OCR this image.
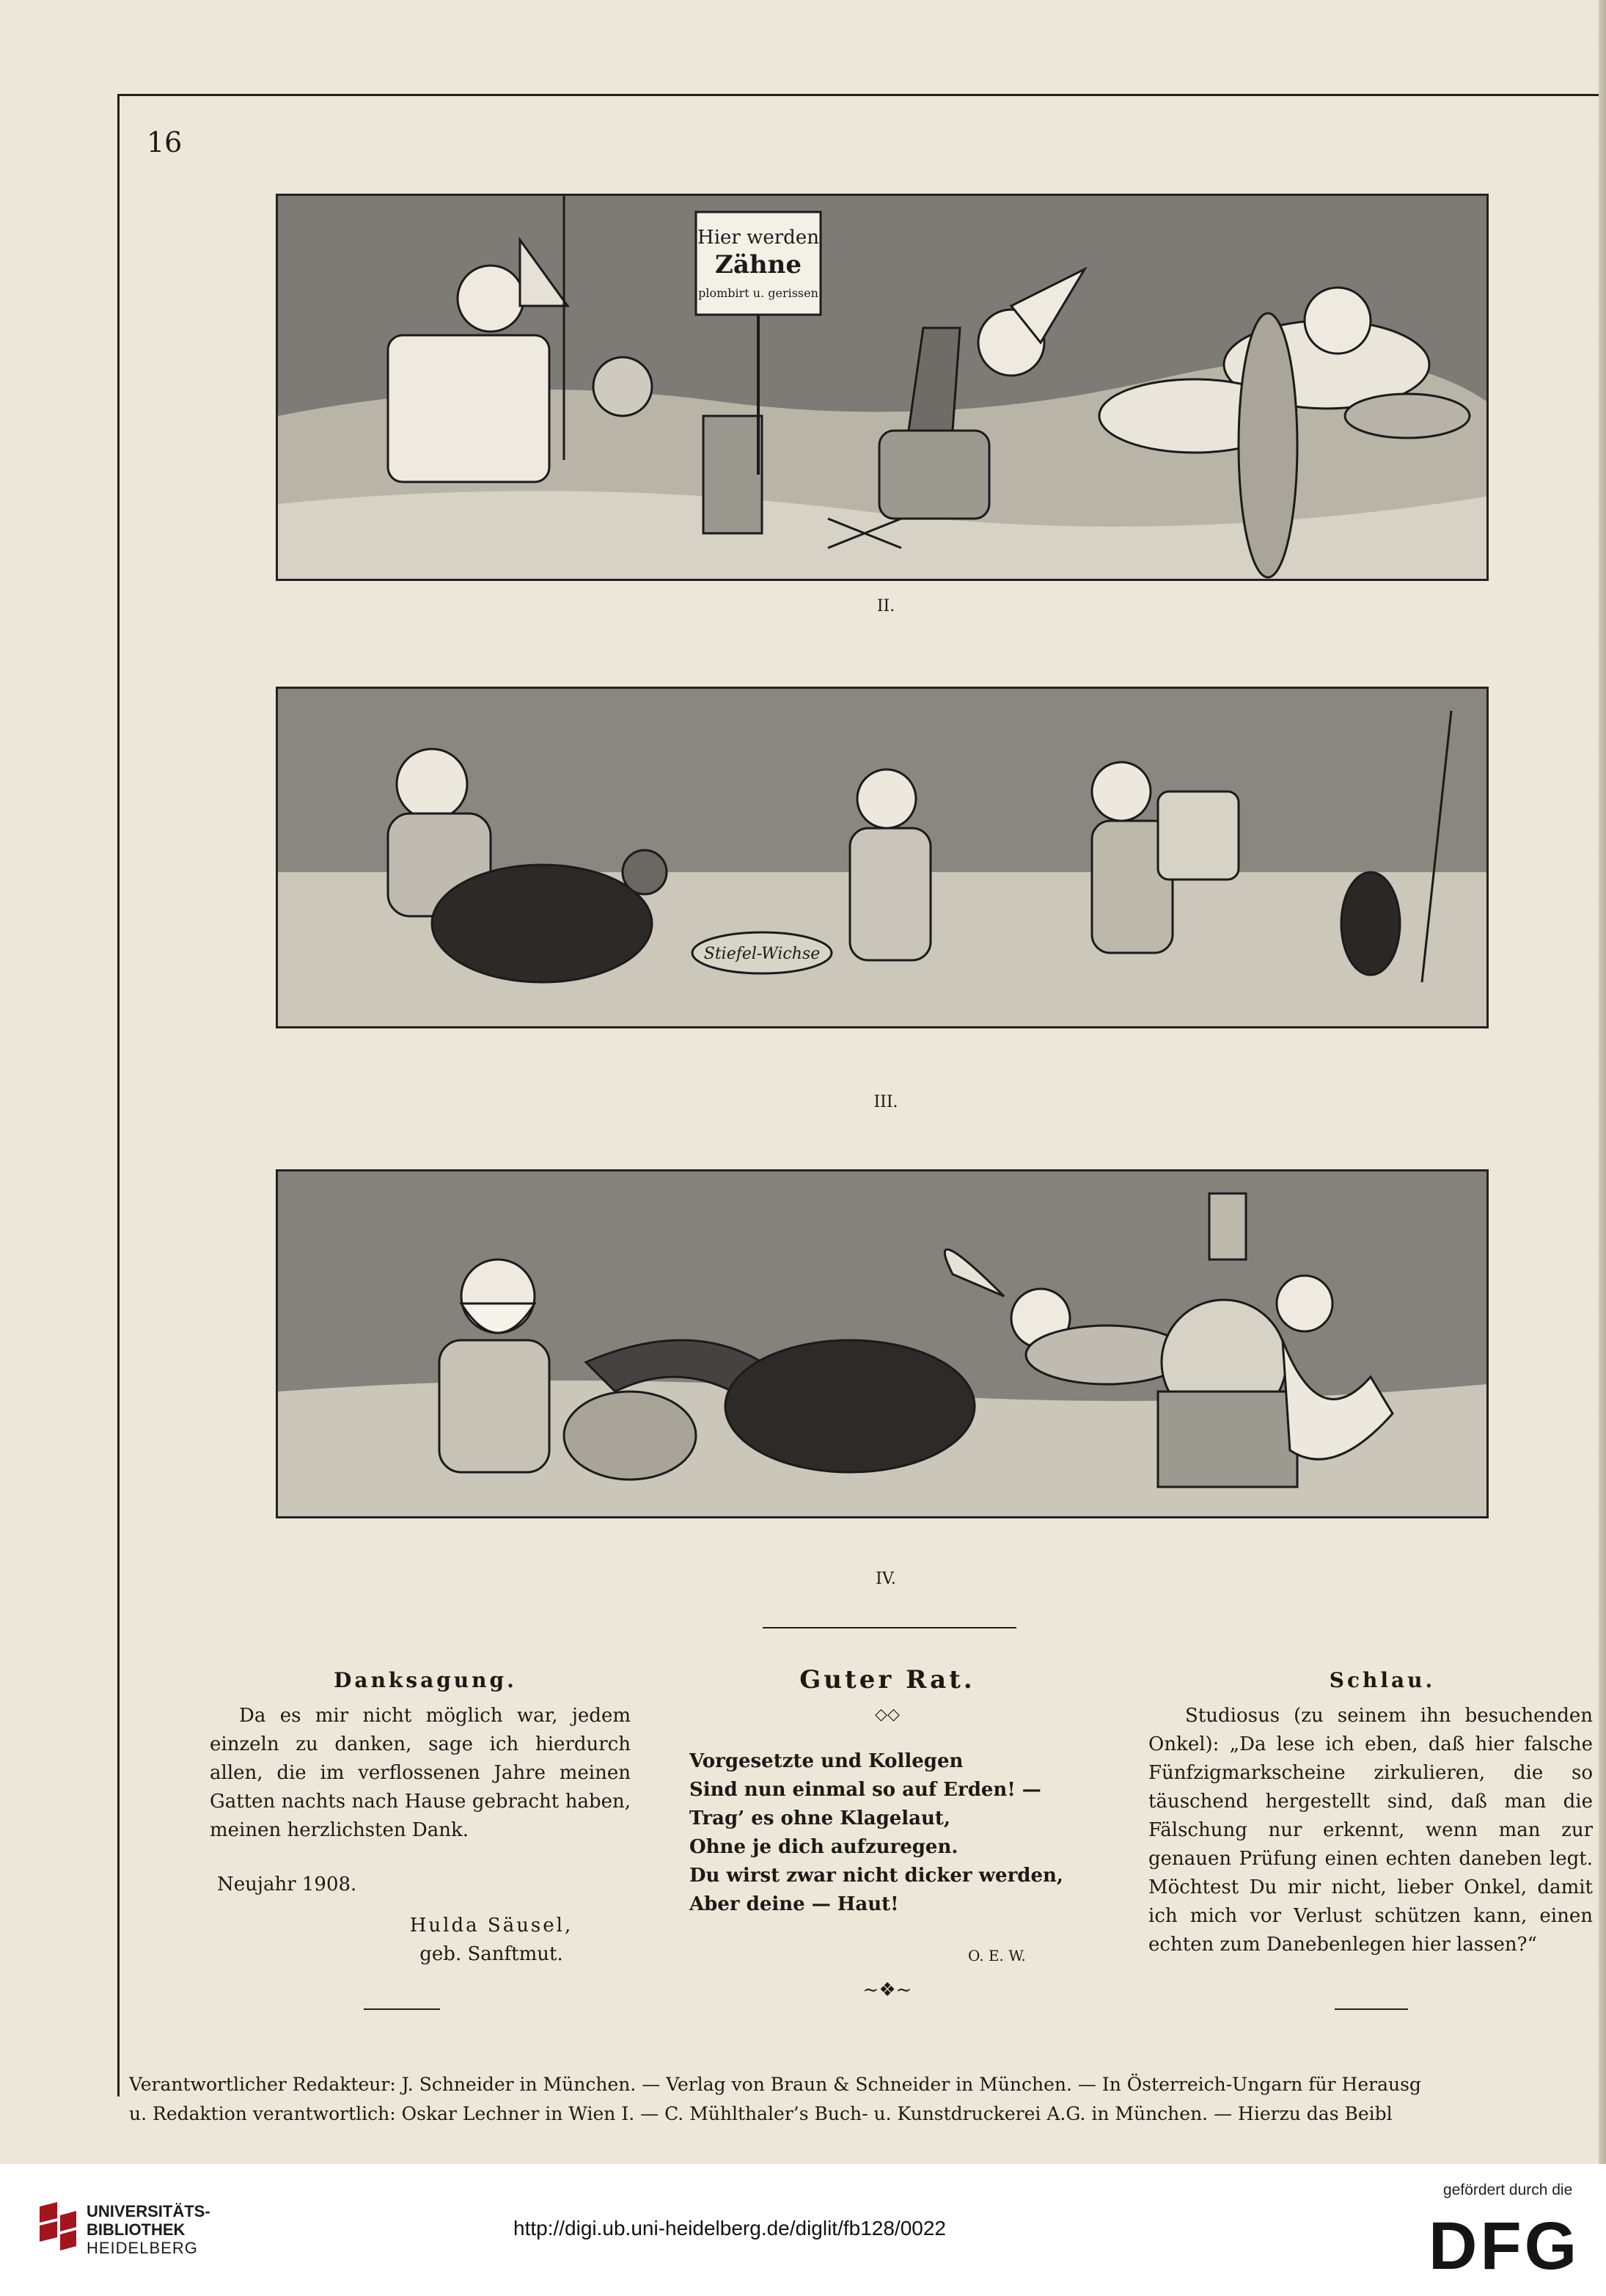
16
Hier werden
Zähne
plombirt u. gerissen
II.
Stiefel-Wichse
III.
IV.
Danksagung.

Da es mir nicht möglich war, jedem einzeln zu danken, sage ich hierdurch allen, die im verflossenen Jahre meinen Gatten nachts nach Hause gebracht haben, meinen herzlichsten Dank.

Neujahr 1908.
Hulda Säusel,
geb. Sanftmut.
Guter Rat.
◇◇
Vorgesetzte und Kollegen
Sind nun einmal so auf Erden! —
Trag’ es ohne Klagelaut,
Ohne je dich aufzuregen.
Du wirst zwar nicht dicker werden,
Aber deine — Haut!
O. E. W.
~❖~
Schlau.

Studiosus (zu seinem ihn besuchenden Onkel): „Da lese ich eben, daß hier falsche Fünfzigmarkscheine zirkulieren, die so täuschend hergestellt sind, daß man die Fälschung nur erkennt, wenn man zur genauen Prüfung einen echten daneben legt. Möchtest Du mir nicht, lieber Onkel, damit ich mich vor Verlust schützen kann, einen echten zum Danebenlegen hier lassen?“

Verantwortlicher Redakteur: J. Schneider in München. — Verlag von Braun & Schneider in München. — In Österreich-Ungarn für Herausg
u. Redaktion verantwortlich: Oskar Lechner in Wien I. — C. Mühlthaler’s Buch- u. Kunstdruckerei A.G. in München. — Hierzu das Beibl
UNIVERSITÄTS-
BIBLIOTHEK
HEIDELBERG
http://digi.ub.uni-heidelberg.de/diglit/fb128/0022
gefördert durch die
DFG
